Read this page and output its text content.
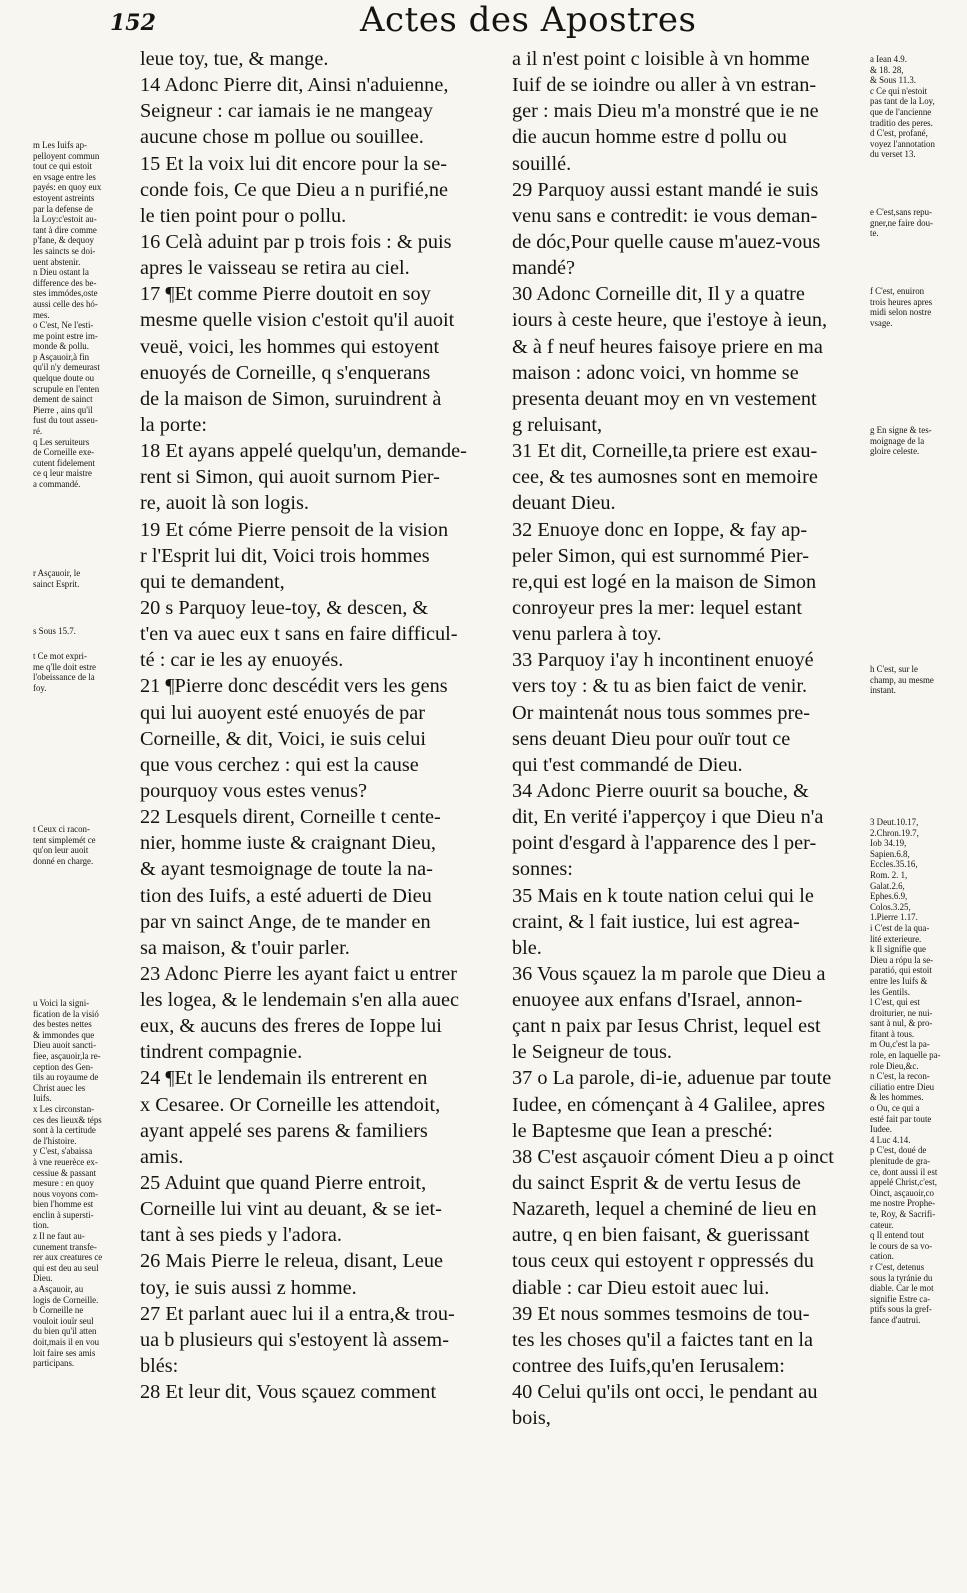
152	Actes des Apostres
leue toy, tue, & mange.
14 Adonc Pierre dit, Ainsi n'aduienne,
Seigneur : car iamais ie ne mangeay
aucune chose m pollue ou souillee.
15 Et la voix lui dit encore pour la se-
conde fois, Ce que Dieu a n purifié,ne
le tien point pour o pollu.
16 Celà aduint par p trois fois : & puis
apres le vaisseau se retira au ciel.
17 ¶Et comme Pierre doutoit en soy
mesme quelle vision c'estoit qu'il auoit
veuë, voici, les hommes qui estoyent
enuoyés de Corneille, q s'enquerans
de la maison de Simon, suruindrent à
la porte:
18 Et ayans appelé quelqu'un, demande-
rent si Simon, qui auoit surnom Pier-
re, auoit là son logis.
19 Et cóme Pierre pensoit de la vision
r l'Esprit lui dit, Voici trois hommes
qui te demandent,
20 s Parquoy leue-toy, & descen, &
t'en va auec eux t sans en faire difficul-
té : car ie les ay enuoyés.
21 ¶Pierre donc descédit vers les gens
qui lui auoyent esté enuoyés de par
Corneille, & dit, Voici, ie suis celui
que vous cerchez : qui est la cause
pourquoy vous estes venus?
22 Lesquels dirent, Corneille t cente-
nier, homme iuste & craignant Dieu,
& ayant tesmoignage de toute la na-
tion des Iuifs, a esté aduerti de Dieu
par vn sainct Ange, de te mander en
sa maison, & t'ouir parler.
23 Adonc Pierre les ayant faict u entrer
les logea, & le lendemain s'en alla auec
eux, & aucuns des freres de Ioppe lui
tindrent compagnie.
24 ¶Et le lendemain ils entrerent en
x Cesaree. Or Corneille les attendoit,
ayant appelé ses parens & familiers
amis.
25 Aduint que quand Pierre entroit,
Corneille lui vint au deuant, & se iet-
tant à ses pieds y l'adora.
26 Mais Pierre le releua, disant, Leue
toy, ie suis aussi z homme.
27 Et parlant auec lui il a entra,& trou-
ua b plusieurs qui s'estoyent là assem-
blés:
28 Et leur dit, Vous sçauez comment
a il n'est point c loisible à vn homme
Iuif de se ioindre ou aller à vn estran-
ger : mais Dieu m'a monstré que ie ne
die aucun homme estre d pollu ou
souillé.
29 Parquoy aussi estant mandé ie suis
venu sans e contredit: ie vous deman-
de dóc,Pour quelle cause m'auez-vous
mandé?
30 Adonc Corneille dit, Il y a quatre
iours à ceste heure, que i'estoye à ieun,
& à f neuf heures faisoye priere en ma
maison : adonc voici, vn homme se
presenta deuant moy en vn vestement
g reluisant,
31 Et dit, Corneille,ta priere est exau-
cee, & tes aumosnes sont en memoire
deuant Dieu.
32 Enuoye donc en Ioppe, & fay ap-
peler Simon, qui est surnommé Pier-
re,qui est logé en la maison de Simon
conroyeur pres la mer: lequel estant
venu parlera à toy.
33 Parquoy i'ay h incontinent enuoyé
vers toy : & tu as bien faict de venir.
Or maintenát nous tous sommes pre-
sens deuant Dieu pour ouïr tout ce
qui t'est commandé de Dieu.
34 Adonc Pierre ouurit sa bouche, &
dit, En verité i'apperçoy i que Dieu n'a
point d'esgard à l'apparence des l per-
sonnes:
35 Mais en k toute nation celui qui le
craint, & l fait iustice, lui est agrea-
ble.
36 Vous sçauez la m parole que Dieu a
enuoyee aux enfans d'Israel, annon-
çant n paix par Iesus Christ, lequel est
le Seigneur de tous.
37 o La parole, di-ie, aduenue par toute
Iudee, en cómençant à 4 Galilee, apres
le Baptesme que Iean a presché:
38 C'est asçauoir cóment Dieu a p oinct
du sainct Esprit & de vertu Iesus de
Nazareth, lequel a cheminé de lieu en
autre, q en bien faisant, & guerissant
tous ceux qui estoyent r oppressés du
diable : car Dieu estoit auec lui.
39 Et nous sommes tesmoins de tou-
tes les choses qu'il a faictes tant en la
contree des Iuifs,qu'en Ierusalem:
40 Celui qu'ils ont occi, le pendant au
bois,
m Les Iuifs ap-
pelloyent commun
tout ce qui estoit
en vsage entre les
payés: en quoy eux
estoyent astreints
par la defense de
la Loy:c'estoit au-
tant à dire comme
p'fane, & dequoy
les saincts se doi-
uent abstenir.
n Dieu ostant la
difference des be-
stes immódes,oste
aussi celle des hó-
mes.
o C'est, Ne l'esti-
me point estre im-
monde & pollu.
p Asçauoir,à fin
qu'il n'y demeurast
quelque doute ou
scrupule en l'enten
dement de sainct
Pierre , ains qu'il
fust du tout asseu-
ré.
q Les seruiteurs
de Corneille exe-
cutent fidelement
ce q leur maistre
a commandé.
r Asçauoir, le
sainct Esprit.
s Sous 15.7.
t Ce mot expri-
me q'lle doit estre
l'obeissance de la
foy.
t Ceux ci racon-
tent simplemét ce
qu'on leur auoit
donné en charge.
u Voici la signi-
fication de la visió
des bestes nettes
& immondes que
Dieu auoit sancti-
fiee, asçauoir,la re-
ception des Gen-
tils au royaume de
Christ auec les
Iuifs.
x Les circonstan-
ces des lieux& téps
sont à la certitude
de l'histoire.
y C'est, s'abaissa
à vne reuerèce ex-
cessiue & passant
mesure : en quoy
nous voyons com-
bien l'homme est
enclin à supersti-
tion.
z Il ne faut au-
cunement transfe-
rer aux creatures ce
qui est deu au seul
Dieu.
a Asçauoir, au
logis de Corneille.
b Corneille ne
vouloit iouïr seul
du bien qu'il atten
doit,mais il en vou
loit faire ses amis
participans.
a Iean 4.9.
& 18. 28,
& Sous 11.3.
c Ce qui n'estoit
pas tant de la Loy,
que de l'ancienne
traditio des peres.
d C'est, profané,
voyez l'annotation
du verset 13.
e C'est,sans repu-
gner,ne faire dou-
te.
f C'est, enuiron
trois heures apres
midi selon nostre
vsage.
g En signe & tes-
moignage de la
gloire celeste.
h C'est, sur le
champ, au mesme
instant.
3 Deut.10.17,
2.Chron.19.7,
Iob 34.19,
Sapien.6.8,
Eccles.35.16,
Rom. 2. 1,
Galat.2.6,
Ephes.6.9,
Colos.3.25,
1.Pierre 1.17.
i C'est de la qua-
lité exterieure.
k Il signifie que
Dieu a rópu la se-
paratió, qui estoit
entre les Iuifs &
les Gentils.
l C'est, qui est
droiturier, ne nui-
sant à nul, & pro-
fitant à tous.
m Ou,c'est la pa-
role, en laquelle pa-
role Dieu,&c.
n C'est, la recon-
ciliatio entre Dieu
& les hommes.
o Ou, ce qui a
esté fait par toute
Iudee.
4 Luc 4.14.
p C'est, doué de
plenitude de gra-
ce, dont aussi il est
appelé Christ,c'est,
Oinct, asçauoir,co
me nostre Prophe-
te, Roy, & Sacrifi-
cateur.
q Il entend tout
le cours de sa vo-
cation.
r C'est, detenus
sous la tyránie du
diable. Car le mot
signifie Estre ca-
ptifs sous la gref-
fance d'autrui.
